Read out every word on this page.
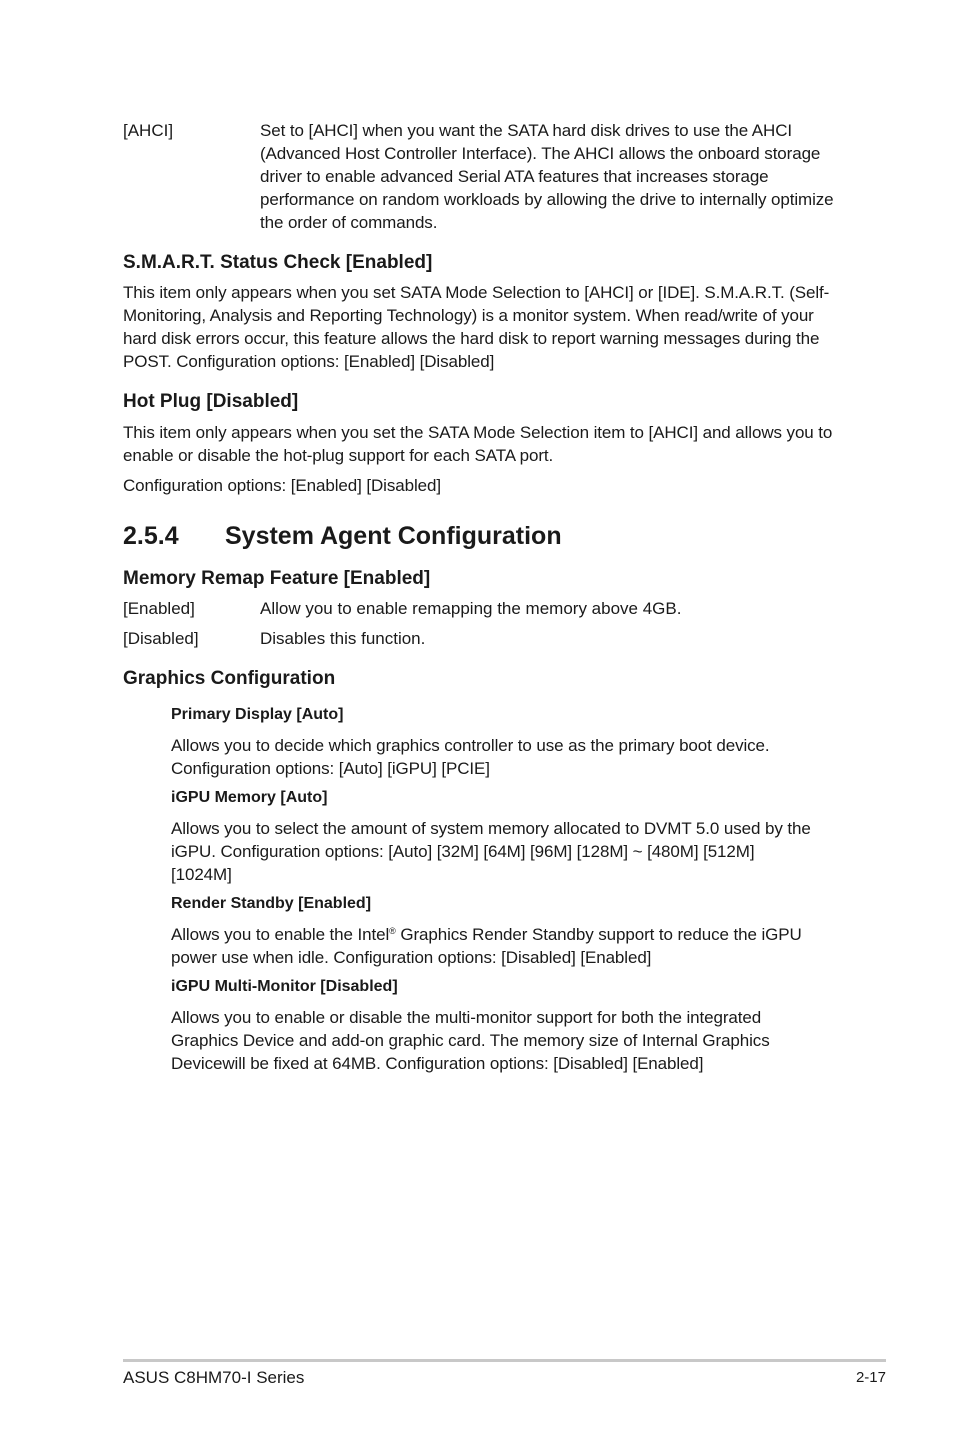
[AHCI]	Set to [AHCI] when you want the SATA hard disk drives to use the AHCI (Advanced Host Controller Interface). The AHCI allows the onboard storage driver to enable advanced Serial ATA features that increases storage performance on random workloads by allowing the drive to internally optimize the order of commands.

S.M.A.R.T. Status Check [Enabled]

This item only appears when you set SATA Mode Selection to [AHCI] or [IDE]. S.M.A.R.T. (Self-Monitoring, Analysis and Reporting Technology) is a monitor system. When read/write of your hard disk errors occur, this feature allows the hard disk to report warning messages during the POST. Configuration options: [Enabled] [Disabled]

Hot Plug [Disabled]

This item only appears when you set the SATA Mode Selection item to [AHCI] and allows you to enable or disable the hot-plug support for each SATA port.

Configuration options: [Enabled] [Disabled]

2.5.4 System Agent Configuration
Memory Remap Feature [Enabled]
[Enabled]	Allow you to enable remapping the memory above 4GB.
[Disabled]	Disables this function.
Graphics Configuration
Primary Display [Auto]

Allows you to decide which graphics controller to use as the primary boot device. Configuration options: [Auto] [iGPU] [PCIE]

iGPU Memory [Auto]

Allows you to select the amount of system memory allocated to DVMT 5.0 used by the iGPU. Configuration options: [Auto] [32M] [64M] [96M] [128M] ~ [480M] [512M] [1024M]

Render Standby [Enabled]

Allows you to enable the Intel® Graphics Render Standby support to reduce the iGPU power use when idle. Configuration options: [Disabled] [Enabled]

iGPU Multi-Monitor [Disabled]

Allows you to enable or disable the multi-monitor support for both the integrated Graphics Device and add-on graphic card. The memory size of Internal Graphics Devicewill be fixed at 64MB. Configuration options: [Disabled] [Enabled]

ASUS C8HM70-I Series	2-17
